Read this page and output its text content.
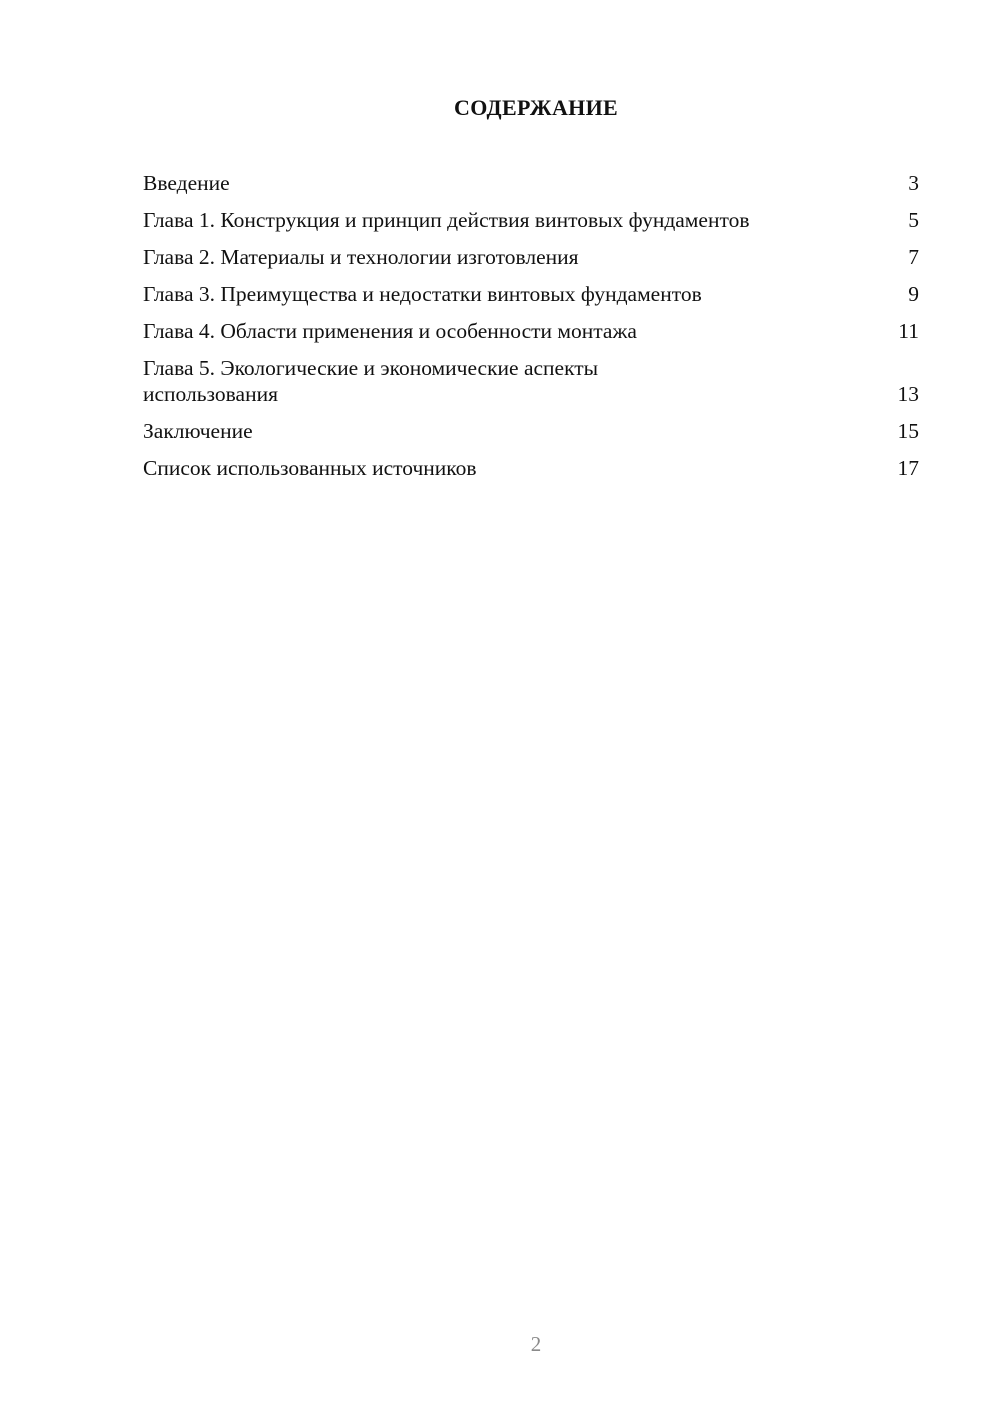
СОДЕРЖАНИЕ
Введение	3
Глава 1. Конструкция и принцип действия винтовых фундаментов	5
Глава 2. Материалы и технологии изготовления	7
Глава 3. Преимущества и недостатки винтовых фундаментов	9
Глава 4. Области применения и особенности монтажа	11
Глава 5. Экологические и экономические аспекты использования	13
Заключение	15
Список использованных источников	17
2
